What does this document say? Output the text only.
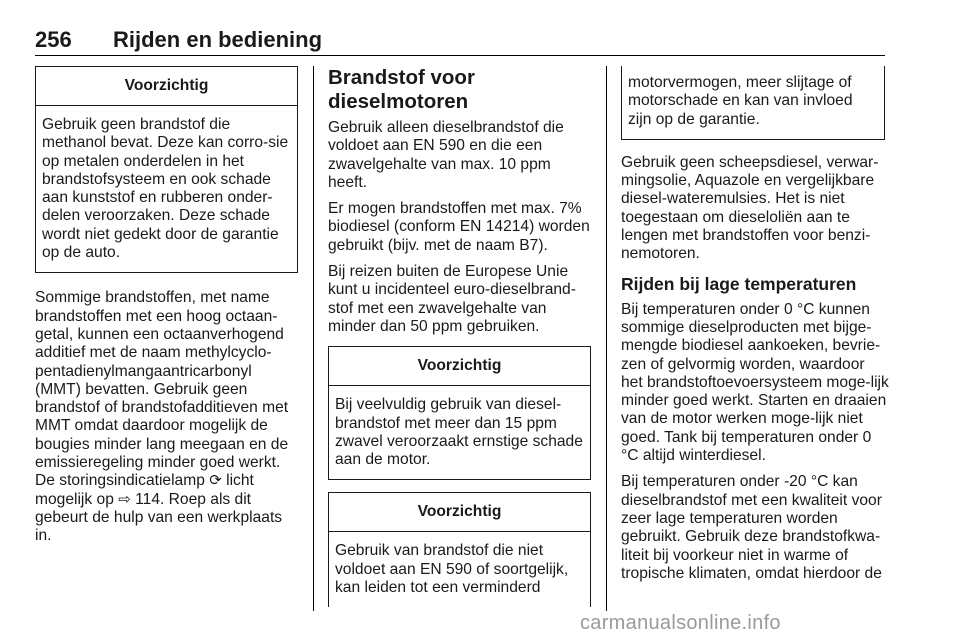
256 Rijden en bediening
Voorzichtig
Gebruik geen brandstof die methanol bevat. Deze kan corro-sie op metalen onderdelen in het brandstofsysteem en ook schade aan kunststof en rubberen onder-delen veroorzaken. Deze schade wordt niet gedekt door de garantie op de auto.

Sommige brandstoffen, met name brandstoffen met een hoog octaan-getal, kunnen een octaanverhogend additief met de naam methylcyclo-pentadienylmangaantricarbonyl (MMT) bevatten. Gebruik geen brandstof of brandstofadditieven met MMT omdat daardoor mogelijk de bougies minder lang meegaan en de emissieregeling minder goed werkt. De storingsindicatielamp ⟳ licht mogelijk op ⇨ 114. Roep als dit gebeurt de hulp van een werkplaats in.

Brandstof voor dieselmotoren

Gebruik alleen dieselbrandstof die voldoet aan EN 590 en die een zwavelgehalte van max. 10 ppm heeft.

Er mogen brandstoffen met max. 7% biodiesel (conform EN 14214) worden gebruikt (bijv. met de naam B7).

Bij reizen buiten de Europese Unie kunt u incidenteel euro-dieselbrand-stof met een zwavelgehalte van minder dan 50 ppm gebruiken.

Voorzichtig
Bij veelvuldig gebruik van diesel-brandstof met meer dan 15 ppm zwavel veroorzaakt ernstige schade aan de motor.
Voorzichtig
Gebruik van brandstof die niet voldoet aan EN 590 of soortgelijk, kan leiden tot een verminderd
motorvermogen, meer slijtage of motorschade en kan van invloed zijn op de garantie.

Gebruik geen scheepsdiesel, verwar-mingsolie, Aquazole en vergelijkbare diesel-wateremulsies. Het is niet toegestaan om dieseloliën aan te lengen met brandstoffen voor benzi-nemotoren.

Rijden bij lage temperaturen

Bij temperaturen onder 0 °C kunnen sommige dieselproducten met bijge-mengde biodiesel aankoeken, bevrie-zen of gelvormig worden, waardoor het brandstoftoevoersysteem moge-lijk minder goed werkt. Starten en draaien van de motor werken moge-lijk niet goed. Tank bij temperaturen onder 0 °C altijd winterdiesel.

Bij temperaturen onder -20 °C kan dieselbrandstof met een kwaliteit voor zeer lage temperaturen worden gebruikt. Gebruik deze brandstofkwa-liteit bij voorkeur niet in warme of tropische klimaten, omdat hierdoor de

carmanualsonline.info
